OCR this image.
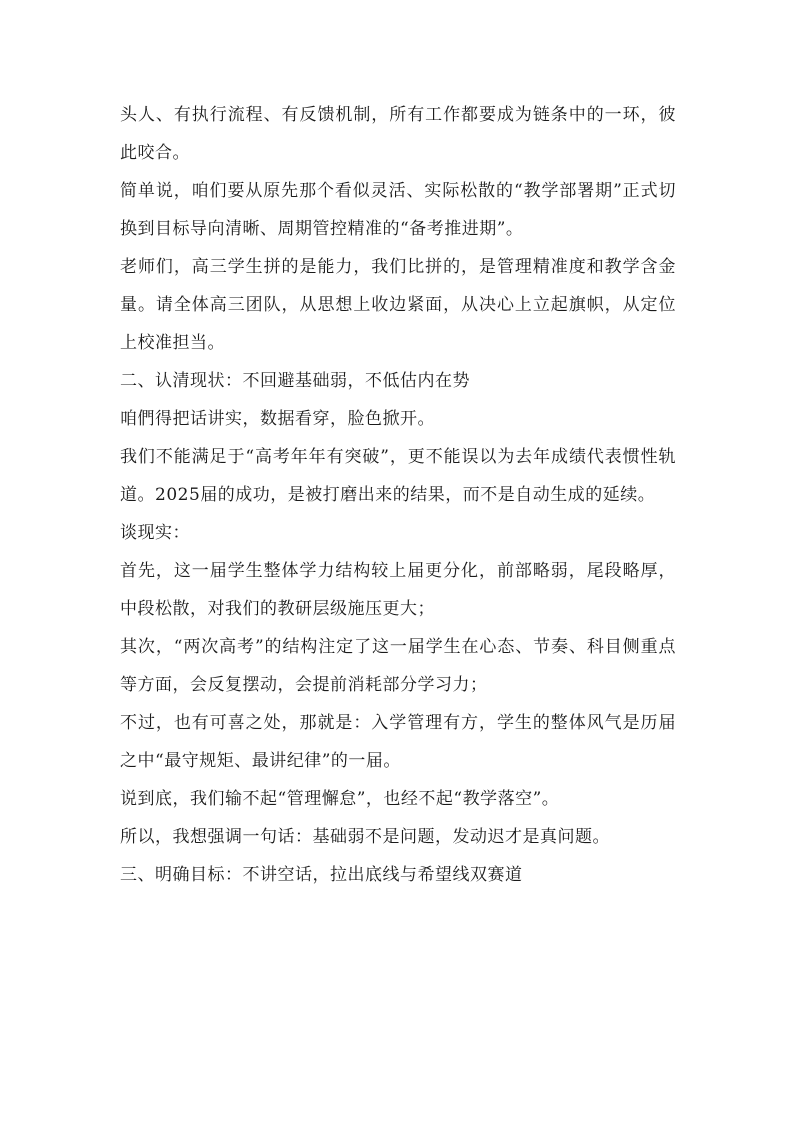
头人、有执行流程、有反馈机制，所有工作都要成为链条中的一环，彼此咬合。

简单说，咱们要从原先那个看似灵活、实际松散的“教学部署期”正式切换到目标导向清晰、周期管控精准的“备考推进期”。

老师们，高三学生拼的是能力，我们比拼的，是管理精准度和教学含金量。请全体高三团队，从思想上收边紧面，从决心上立起旗帜，从定位上校准担当。

二、认清现状：不回避基础弱，不低估内在势

咱們得把话讲实，数据看穿，脸色掀开。

我们不能满足于“高考年年有突破”，更不能误以为去年成绩代表惯性轨道。2025届的成功，是被打磨出来的结果，而不是自动生成的延续。

谈现实：

首先，这一届学生整体学力结构较上届更分化，前部略弱，尾段略厚，中段松散，对我们的教研层级施压更大；

其次，“两次高考”的结构注定了这一届学生在心态、节奏、科目侧重点等方面，会反复摆动，会提前消耗部分学习力；

不过，也有可喜之处，那就是：入学管理有方，学生的整体风气是历届之中“最守规矩、最讲纪律”的一届。

说到底，我们输不起“管理懈怠”，也经不起“教学落空”。

所以，我想强调一句话：基础弱不是问题，发动迟才是真问题。

三、明确目标：不讲空话，拉出底线与希望线双赛道
